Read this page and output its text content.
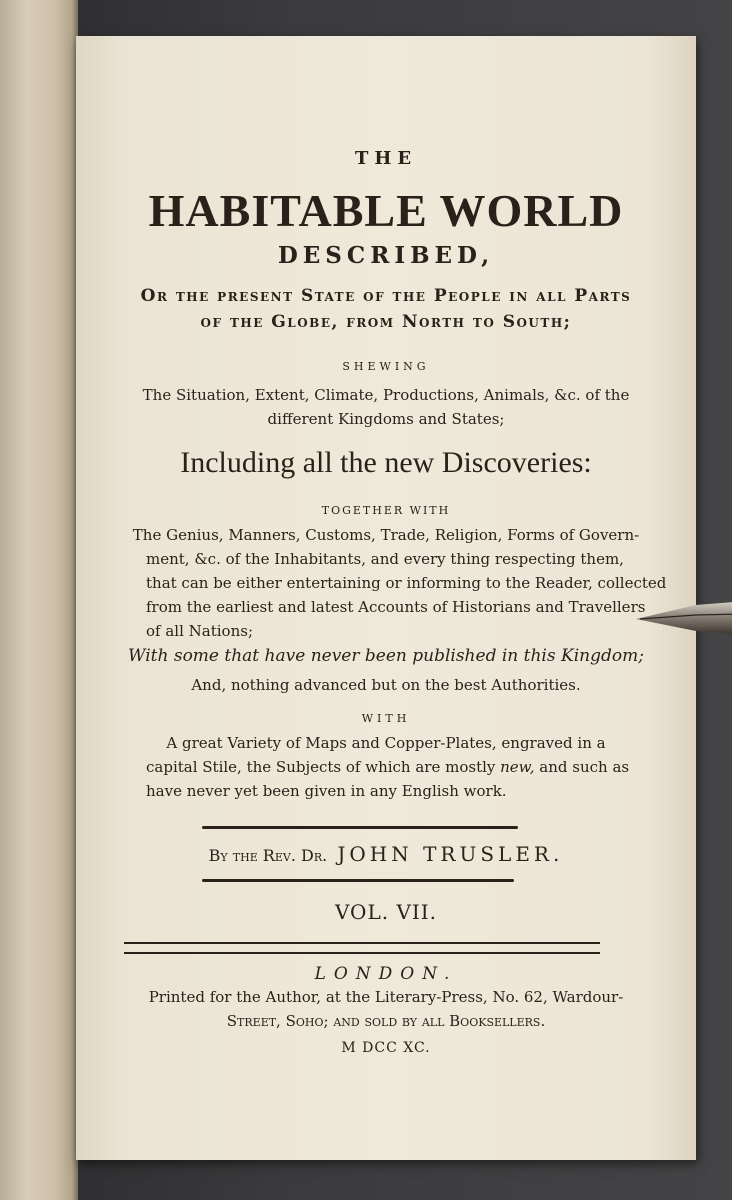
THE
HABITABLE WORLD
DESCRIBED,
Or the present State of the People in all Parts
of the Globe, from North to South;
SHEWING
The Situation, Extent, Climate, Productions, Animals, &c. of the
different Kingdoms and States;
Including all the new Discoveries:
TOGETHER WITH
The Genius, Manners, Customs, Trade, Religion, Forms of Govern-
ment, &c. of the Inhabitants, and every thing respecting them,
that can be either entertaining or informing to the Reader, collected
from the earliest and latest Accounts of Historians and Travellers
of all Nations;
With some that have never been published in this Kingdom;
And, nothing advanced but on the best Authorities.
WITH
A great Variety of Maps and Copper-Plates, engraved in a
capital Stile, the Subjects of which are mostly new, and such as
have never yet been given in any English work.
By the Rev. Dr. JOHN TRUSLER.
VOL. VII.
LONDON.
Printed for the Author, at the Literary-Press, No. 62, Wardour-
Street, Soho; and sold by all Booksellers.
M DCC XC.
